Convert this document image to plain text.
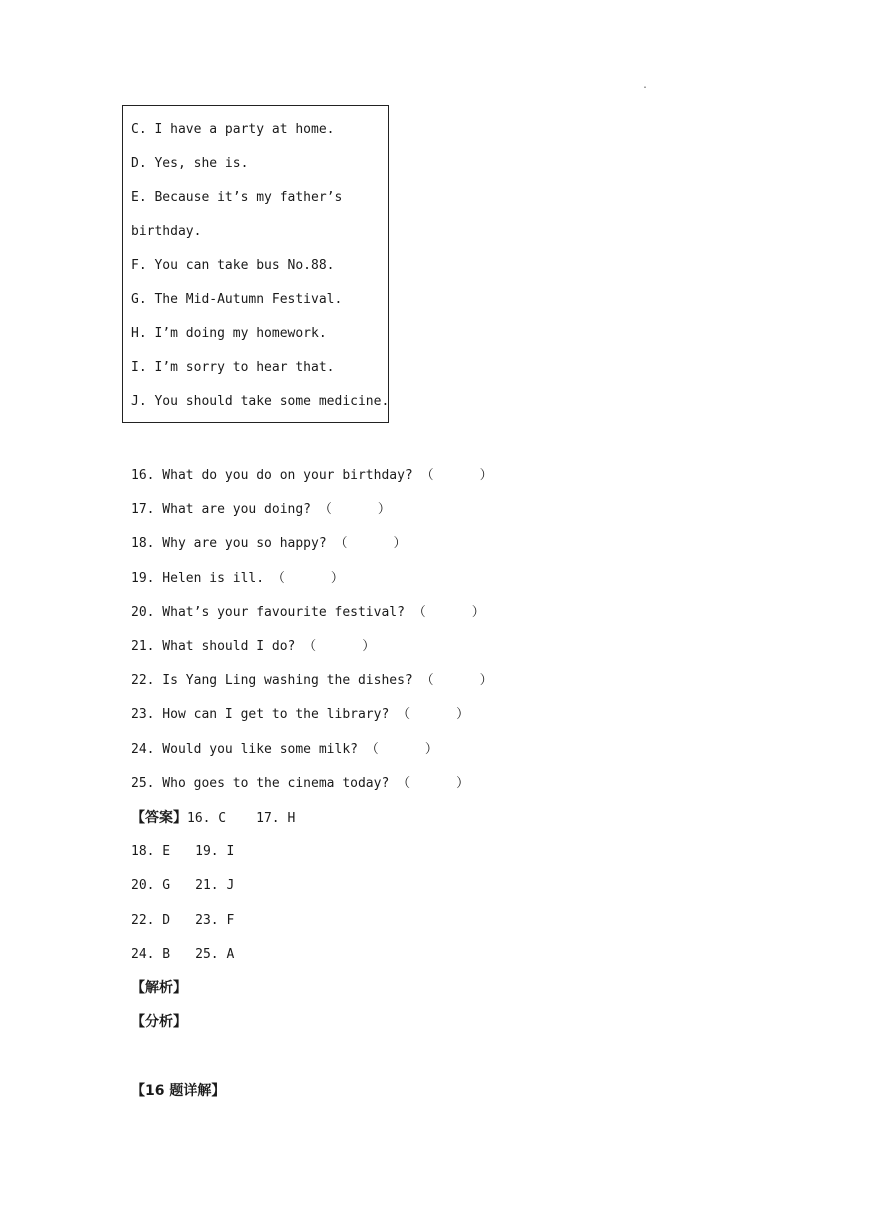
.
C. I have a party at home.
D. Yes, she is.
E. Because it’s my father’s
birthday.
F. You can take bus No.88.
G. The Mid-Autumn Festival.
H. I’m doing my homework.
I. I’m sorry to hear that.
J. You should take some medicine.
16. What do you do on your birthday? （	）
17. What are you doing? （	）
18. Why are you so happy? （	）
19. Helen is ill. （	）
20. What’s your favourite festival? （	）
21. What should I do? （	）
22. Is Yang Ling washing the dishes? （	）
23. How can I get to the library? （	）
24. Would you like some milk? （	）
25. Who goes to the cinema today? （	）
【答案】16. C 17. H
18. E 19. I
20. G 21. J
22. D 23. F
24. B 25. A
【解析】
【分析】
【16 题详解】
